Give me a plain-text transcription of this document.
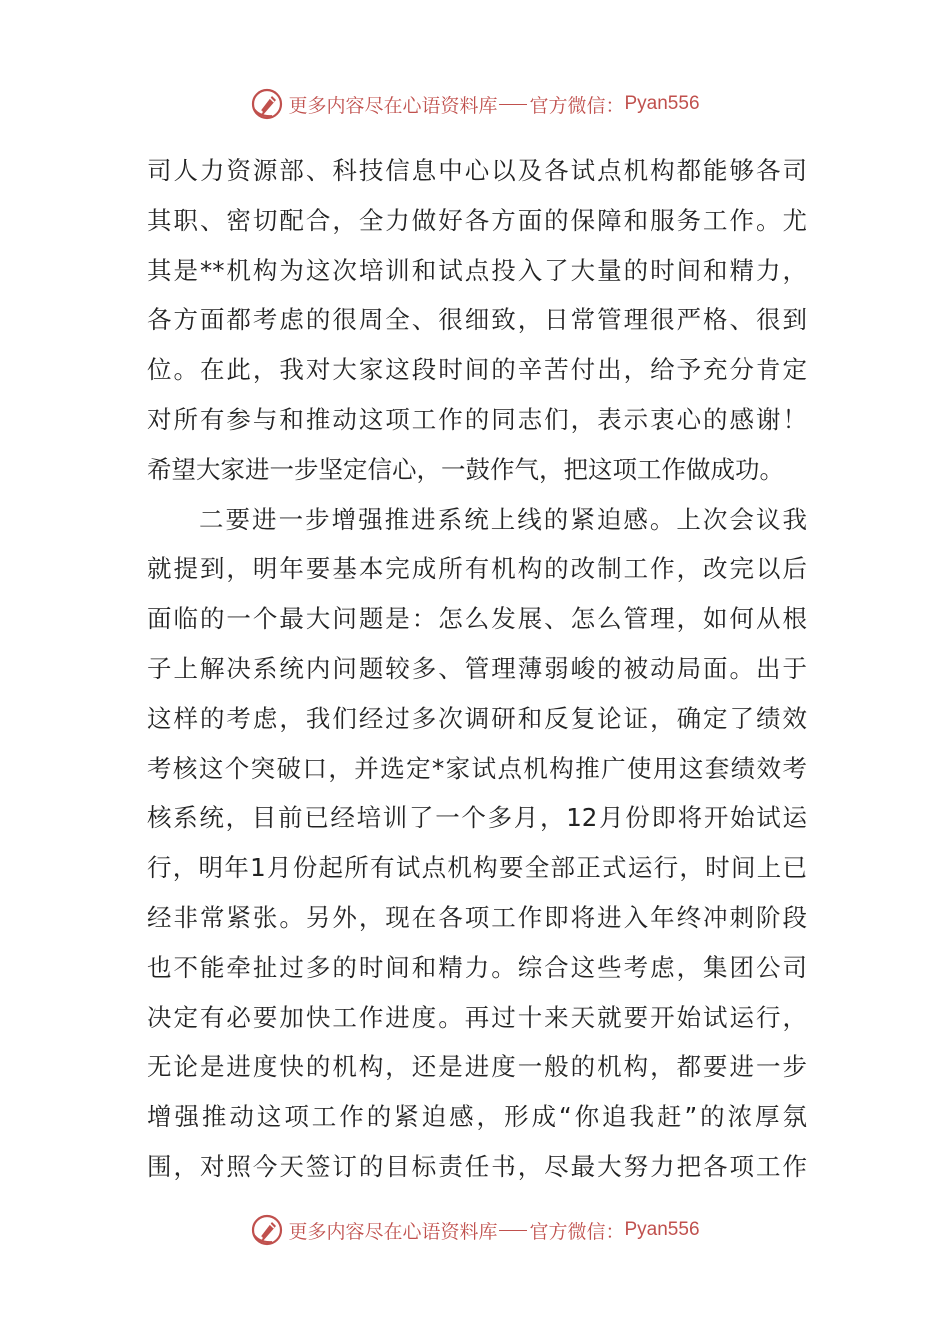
更多内容尽在心语资料库 官方微信： Pyan556
司人力资源部、科技信息中心以及各试点机构都能够各司
其职、密切配合，全力做好各方面的保障和服务工作。尤
其是**机构为这次培训和试点投入了大量的时间和精力，
各方面都考虑的很周全、很细致，日常管理很严格、很到
位。在此，我对大家这段时间的辛苦付出，给予充分肯定
对所有参与和推动这项工作的同志们，表示衷心的感谢！
希望大家进一步坚定信心，一鼓作气，把这项工作做成功。
二要进一步增强推进系统上线的紧迫感。上次会议我
就提到，明年要基本完成所有机构的改制工作，改完以后
面临的一个最大问题是：怎么发展、怎么管理，如何从根
子上解决系统内问题较多、管理薄弱峻的被动局面。出于
这样的考虑，我们经过多次调研和反复论证，确定了绩效
考核这个突破口，并选定*家试点机构推广使用这套绩效考
核系统，目前已经培训了一个多月，12月份即将开始试运
行，明年1月份起所有试点机构要全部正式运行，时间上已
经非常紧张。另外，现在各项工作即将进入年终冲刺阶段
也不能牵扯过多的时间和精力。综合这些考虑，集团公司
决定有必要加快工作进度。再过十来天就要开始试运行，
无论是进度快的机构，还是进度一般的机构，都要进一步
增强推动这项工作的紧迫感，形成“你追我赶”的浓厚氛
围，对照今天签订的目标责任书，尽最大努力把各项工作
更多内容尽在心语资料库 官方微信： Pyan556
